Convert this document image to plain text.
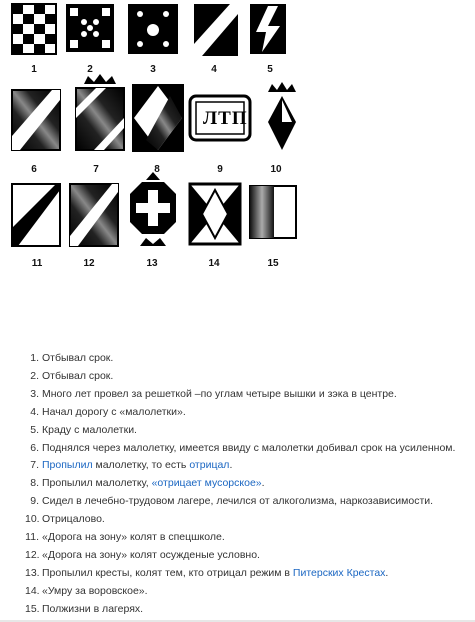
ЛТП
1	2	3	4	5
6	7	8	9	10
11	12	13	14	15
1. Отбывал срок.
2. Отбывал срок.
3. Много лет провел за решеткой –по углам четыре вышки и зэка в центре.
4. Начал дорогу с «малолетки».
5. Краду с малолетки.
6. Поднялся через малолетку, имеется ввиду с малолетки добивал срок на усиленном.
7. Пропылил малолетку, то есть отрицал.
8. Пропылил малолетку, «отрицает мусорское».
9. Сидел в лечебно-трудовом лагере, лечился от алкоголизма, наркозависимости.
10. Отрицалово.
11. «Дорога на зону» колят в спецшколе.
12. «Дорога на зону» колят осужденые условно.
13. Пропылил кресты, колят тем, кто отрицал режим в Питерских Крестах.
14. «Умру за воровское».
15. Полжизни в лагерях.
